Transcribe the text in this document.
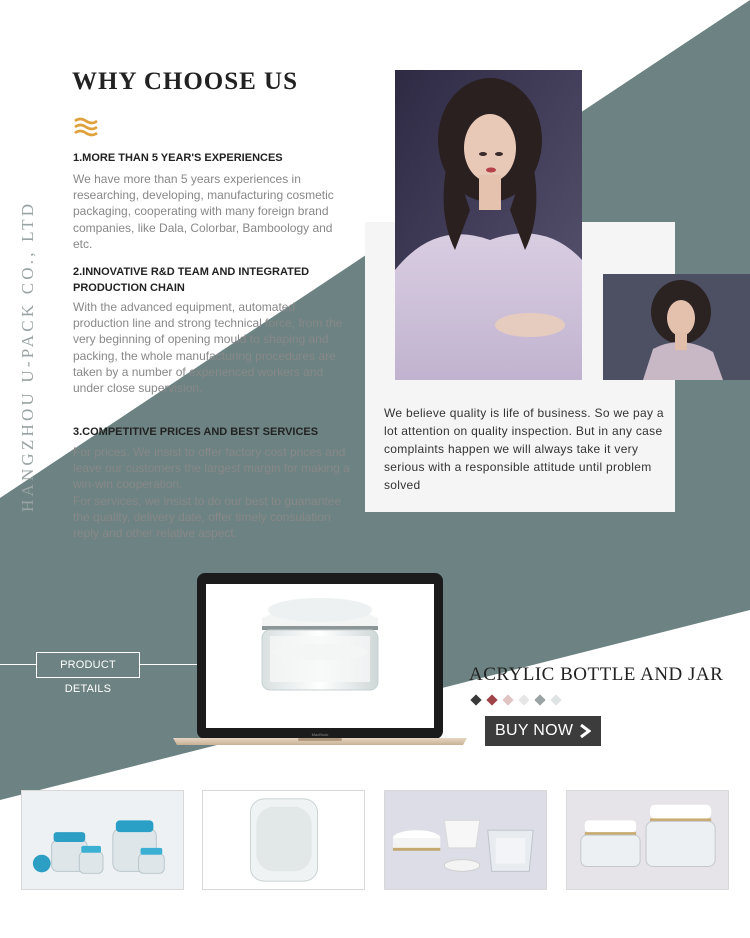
HANGZHOU U-PACK CO., LTD
WHY CHOOSE US
1.MORE THAN 5 YEAR'S EXPERIENCES
We have more than 5 years experiences in researching, developing, manufacturing cosmetic packaging, cooperating with many foreign brand companies, like Dala, Colorbar, Bamboology and etc.
2.INNOVATIVE R&D TEAM AND INTEGRATED PRODUCTION CHAIN
With the advanced equipment, automated production line and strong technical force, from the very beginning of opening mould to shaping and packing, the whole manufacturing procedures are taken by a number of experienced workers and under close supervision.
3.COMPETITIVE PRICES AND BEST SERVICES
For prices, We insist to offer factory cost prices and leave our customers the largest margin for making a win-win cooperation.
For services, we insist to do our best to guanantee the quality, delivery date, offer timely consulation reply and other relative aspect.
We believe quality is life of business. So we pay a lot attention on quality inspection. But in any case complaints happen we will always take it very serious with a responsible attitude until problem solved
PRODUCT DETAILS
MacBook
ACRYLIC BOTTLE AND JAR
BUY NOW
